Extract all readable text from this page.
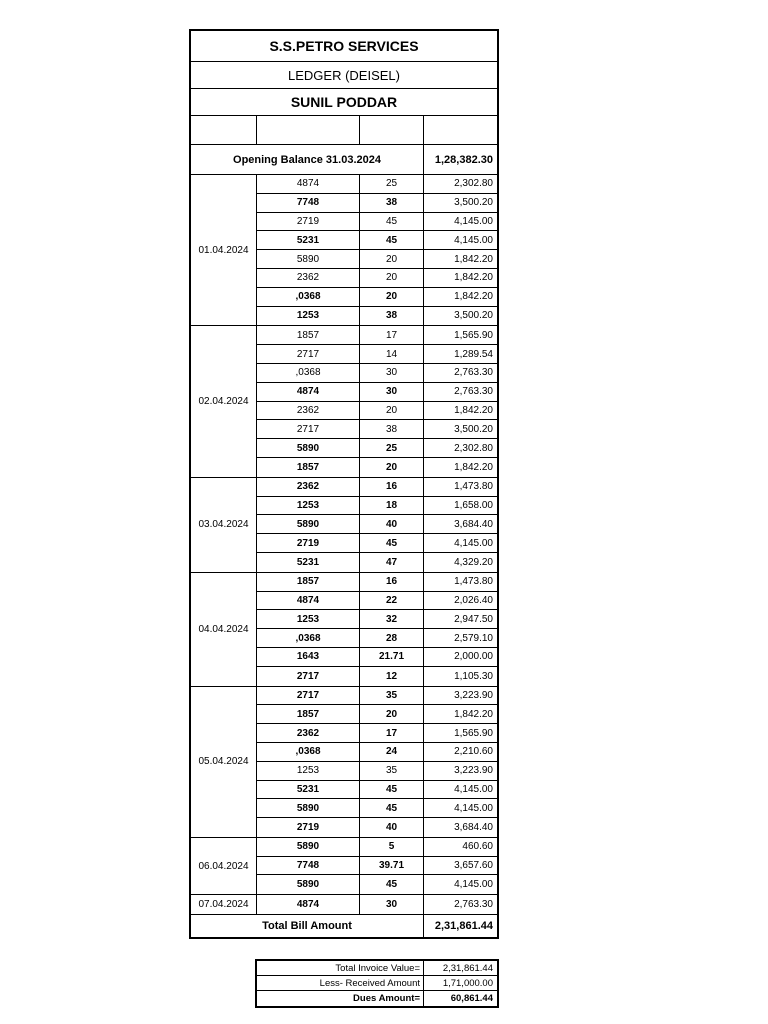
S.S.PETRO SERVICES
LEDGER (DEISEL)
SUNIL PODDAR
Opening Balance 31.03.2024	1,28,382.30
01.04.2024
4874	25	2,302.80
7748	38	3,500.20
2719	45	4,145.00
5231	45	4,145.00
5890	20	1,842.20
2362	20	1,842.20
,0368	20	1,842.20
1253	38	3,500.20
02.04.2024
1857	17	1,565.90
2717	14	1,289.54
,0368	30	2,763.30
4874	30	2,763.30
2362	20	1,842.20
2717	38	3,500.20
5890	25	2,302.80
1857	20	1,842.20
03.04.2024
2362	16	1,473.80
1253	18	1,658.00
5890	40	3,684.40
2719	45	4,145.00
5231	47	4,329.20
04.04.2024
1857	16	1,473.80
4874	22	2,026.40
1253	32	2,947.50
,0368	28	2,579.10
1643	21.71	2,000.00
2717	12	1,105.30
05.04.2024
2717	35	3,223.90
1857	20	1,842.20
2362	17	1,565.90
,0368	24	2,210.60
1253	35	3,223.90
5231	45	4,145.00
5890	45	4,145.00
2719	40	3,684.40
06.04.2024
5890	5	460.60
7748	39.71	3,657.60
5890	45	4,145.00
07.04.2024	4874	30	2,763.30
Total Bill Amount	2,31,861.44
Total Invoice Value=	2,31,861.44
Less- Received Amount	1,71,000.00
Dues Amount=	60,861.44
